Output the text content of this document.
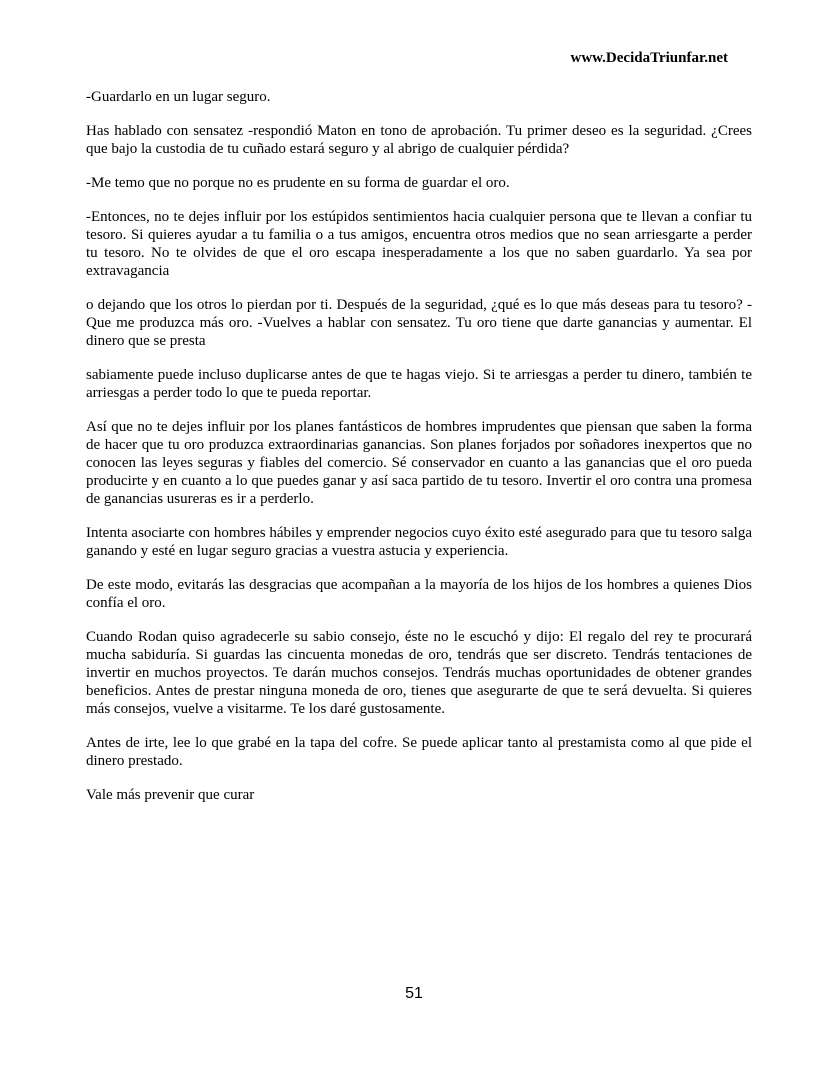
www.DecidaTriunfar.net

-Guardarlo en un lugar seguro.

Has hablado con sensatez -respondió Maton en tono de aprobación. Tu primer deseo es la seguridad. ¿Crees que bajo la custodia de tu cuñado estará seguro y al abrigo de cualquier pérdida?

-Me temo que no porque no es prudente en su forma de guardar el oro.

-Entonces, no te dejes influir por los estúpidos sentimientos hacia cualquier persona que te llevan a confiar tu tesoro. Si quieres ayudar a tu familia o a tus amigos, encuentra otros medios que no sean arriesgarte a perder tu tesoro. No te olvides de que el oro escapa inesperadamente a los que no saben guardarlo. Ya sea por extravagancia

o dejando que los otros lo pierdan por ti. Después de la seguridad, ¿qué es lo que más deseas para tu tesoro? -Que me produzca más oro. -Vuelves a hablar con sensatez. Tu oro tiene que darte ganancias y aumentar. El dinero que se presta

sabiamente puede incluso duplicarse antes de que te hagas viejo. Si te arriesgas a perder tu dinero, también te arriesgas a perder todo lo que te pueda reportar.

Así que no te dejes influir por los planes fantásticos de hombres imprudentes que piensan que saben la forma de hacer que tu oro produzca extraordinarias ganancias. Son planes forjados por soñadores inexpertos que no conocen las leyes seguras y fiables del comercio. Sé conservador en cuanto a las ganancias que el oro pueda producirte y en cuanto a lo que puedes ganar y así saca partido de tu tesoro. Invertir el oro contra una promesa de ganancias usureras es ir a perderlo.

Intenta asociarte con hombres hábiles y emprender negocios cuyo éxito esté asegurado para que tu tesoro salga ganando y esté en lugar seguro gracias a vuestra astucia y experiencia.

De este modo, evitarás las desgracias que acompañan a la mayoría de los hijos de los hombres a quienes Dios confía el oro.

Cuando Rodan quiso agradecerle su sabio consejo, éste no le escuchó y dijo: El regalo del rey te procurará mucha sabiduría. Si guardas las cincuenta monedas de oro, tendrás que ser discreto. Tendrás tentaciones de invertir en muchos proyectos. Te darán muchos consejos. Tendrás muchas oportunidades de obtener grandes beneficios. Antes de prestar ninguna moneda de oro, tienes que asegurarte de que te será devuelta. Si quieres más consejos, vuelve a visitarme. Te los daré gustosamente.

Antes de irte, lee lo que grabé en la tapa del cofre. Se puede aplicar tanto al prestamista como al que pide el dinero prestado.

Vale más prevenir que curar

51
